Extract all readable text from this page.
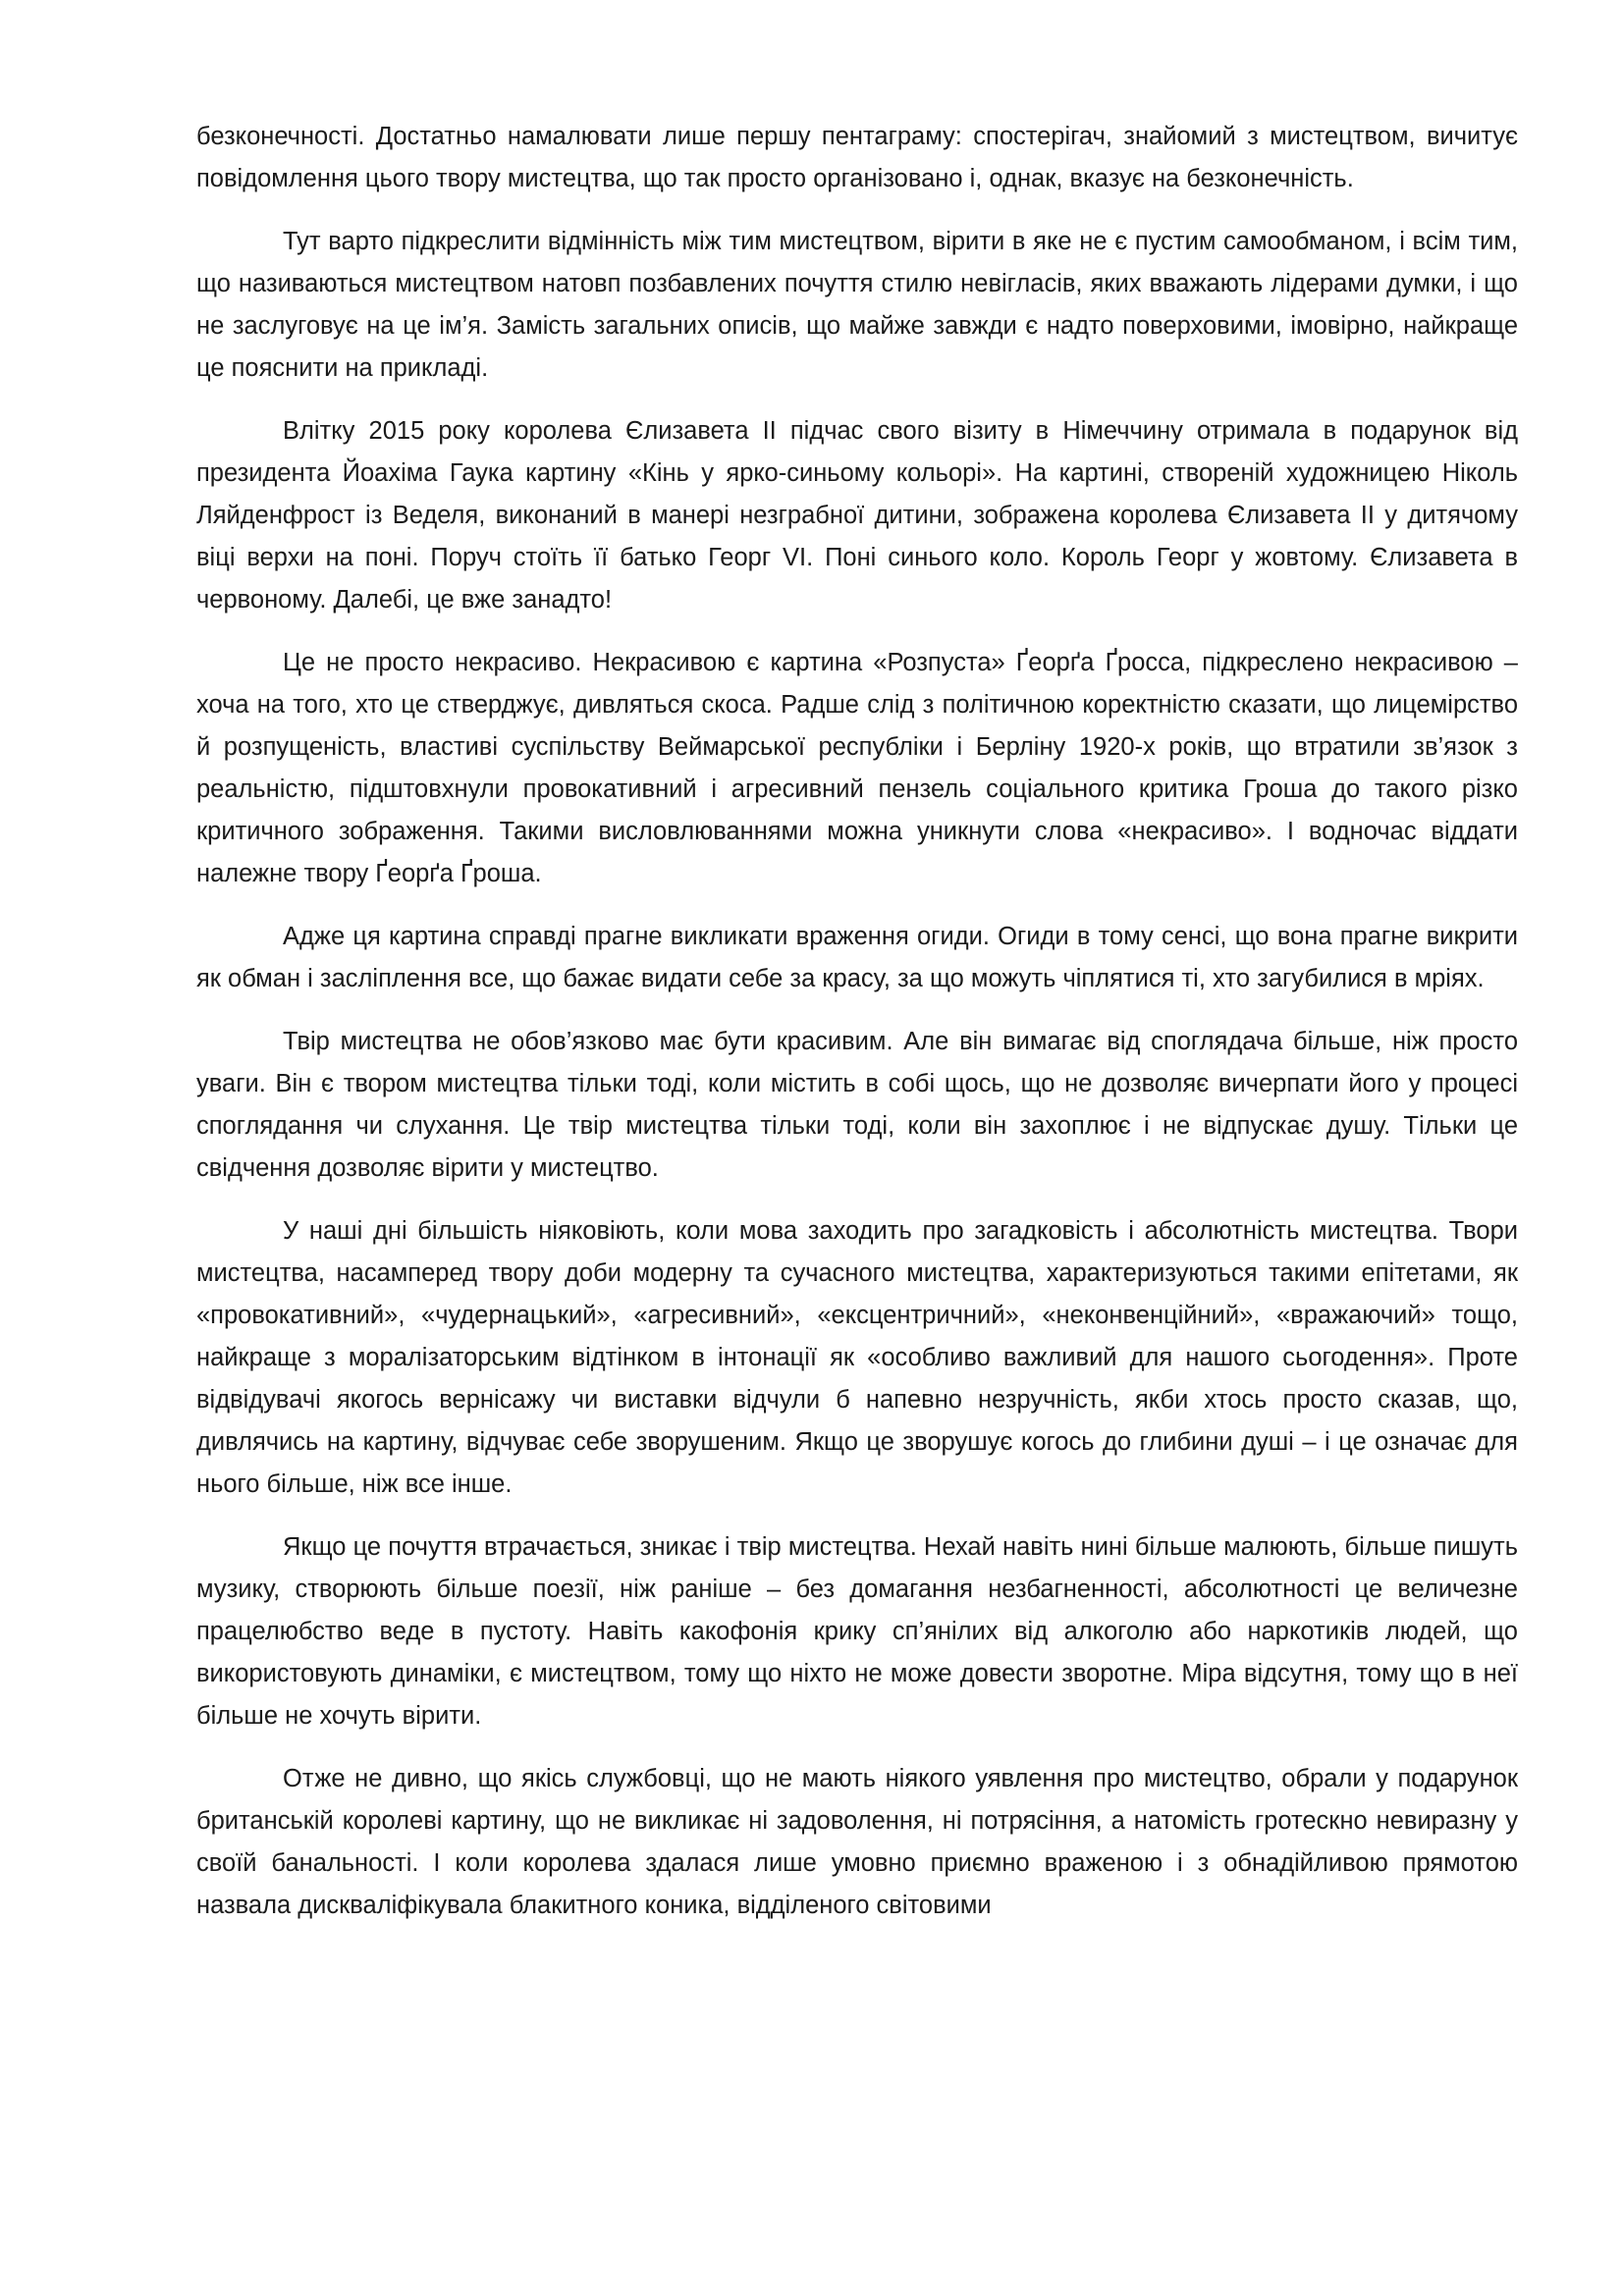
безконечності. Достатньо намалювати лише першу пентаграму: спостерігач, знайомий з мистецтвом, вичитує повідомлення цього твору мистецтва, що так просто організовано і, однак, вказує на безконечність.

Тут варто підкреслити відмінність між тим мистецтвом, вірити в яке не є пустим самообманом, і всім тим, що називаються мистецтвом натовп позбавлених почуття стилю невігласів, яких вважають лідерами думки, і що не заслуговує на це ім’я. Замість загальних описів, що майже завжди є надто поверховими, імовірно, найкраще це пояснити на прикладі.

Влітку 2015 року королева Єлизавета ІІ підчас свого візиту в Німеччину отримала в подарунок від президента Йоахіма Гаука картину «Кінь у яркo-синьому кольорі». На картині, створеній художницею Ніколь Ляйденфрост із Веделя, виконаний в манері незграбної дитини, зображена королева Єлизавета ІІ у дитячому віці верхи на поні. Поруч стоїть її батько Георг VI. Поні синього коло. Король Георг у жовтому. Єлизавета в червоному. Далебі, це вже занадто!

Це не просто некрасиво. Некрасивою є картина «Розпуста» Ґеорґа Ґросса, підкреслено некрасивою – хоча на того, хто це стверджує, дивляться скоса. Радше слід з політичною коректністю сказати, що лицемірство й розпущеність, властиві суспільству Веймарської республіки і Берліну 1920-х років, що втратили зв’язок з реальністю, підштовхнули провокативний і агресивний пензель соціального критика Гроша до такого різко критичного зображення. Такими висловлюваннями можна уникнути слова «некрасиво». І водночас віддати належне твору Ґеорґа Ґроша.

Адже ця картина справді прагне викликати враження огиди. Огиди в тому сенсі, що вона прагне викрити як обман і засліплення все, що бажає видати себе за красу, за що можуть чіплятися ті, хто загубилися в мріях.

Твір мистецтва не обов’язково має бути красивим. Але він вимагає від споглядача більше, ніж просто уваги. Він є твором мистецтва тільки тоді, коли містить в собі щось, що не дозволяє вичерпати його у процесі споглядання чи слухання. Це твір мистецтва тільки тоді, коли він захоплює і не відпускає душу. Тільки це свідчення дозволяє вірити у мистецтво.

У наші дні більшість ніяковіють, коли мова заходить про загадковість і абсолютність мистецтва. Твори мистецтва, насамперед твору доби модерну та сучасного мистецтва, характеризуються такими епітетами, як «провокативний», «чудернацький», «агресивний», «ексцентричний», «неконвенційний», «вражаючий» тощо, найкраще з моралізаторським відтінком в інтонації як «особливо важливий для нашого сьогодення». Проте відвідувачі якогось вернісажу чи виставки відчули б напевно незручність, якби хтось просто сказав, що, дивлячись на картину, відчуває себе зворушеним. Якщо це зворушує когось до глибини душі – і це означає для нього більше, ніж все інше.

Якщо це почуття втрачається, зникає і твір мистецтва. Нехай навіть нині більше малюють, більше пишуть музику, створюють більше поезії, ніж раніше – без домагання незбагненності, абсолютності це величезне працелюбство веде в пустоту. Навіть какофонія крику сп’янілих від алкоголю або наркотиків людей, що використовують динаміки, є мистецтвом, тому що ніхто не може довести зворотне. Міра відсутня, тому що в неї більше не хочуть вірити.

Отже не дивно, що якісь службовці, що не мають ніякого уявлення про мистецтво, обрали у подарунок британській королеві картину, що не викликає ні задоволення, ні потрясіння, а натомість гротескно невиразну у своїй банальності. І коли королева здалася лише умовно приємно враженою і з обнадійливою прямотою назвала дискваліфікувала блакитного коника, відділеного світовими
